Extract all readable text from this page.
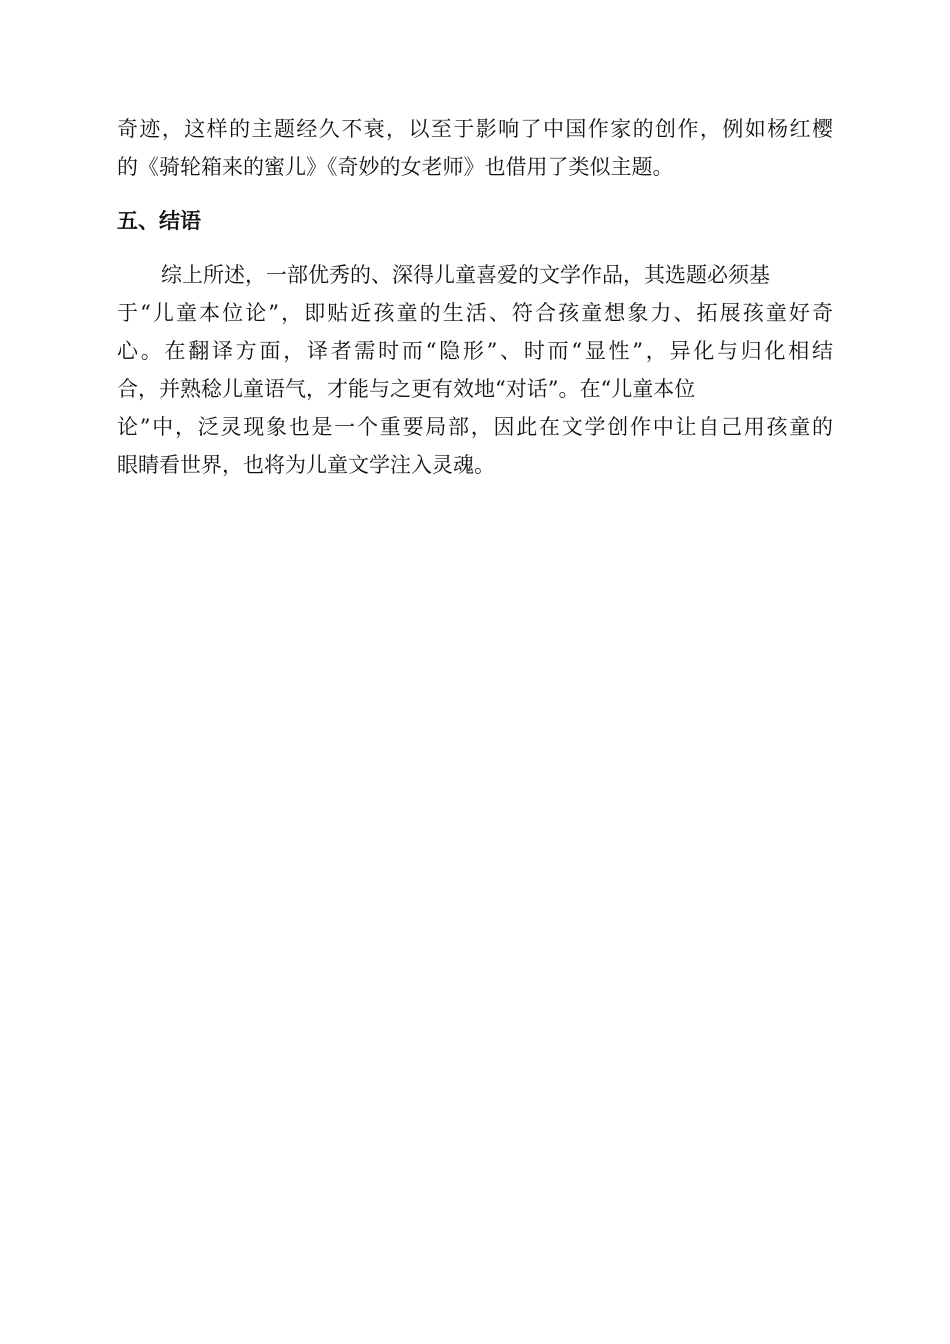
奇迹，这样的主题经久不衰，以至于影响了中国作家的创作，例如杨红樱
的《骑轮箱来的蜜儿》《奇妙的女老师》也借用了类似主题。
五、结语
综上所述，一部优秀的、深得儿童喜爱的文学作品，其选题必须基
于“儿童本位论”，即贴近孩童的生活、符合孩童想象力、拓展孩童好奇
心。在翻译方面，译者需时而“隐形”、时而“显性”，异化与归化相结
合，并熟稔儿童语气，才能与之更有效地“对话”。在“儿童本位
论”中，泛灵现象也是一个重要局部，因此在文学创作中让自己用孩童的
眼睛看世界，也将为儿童文学注入灵魂。
